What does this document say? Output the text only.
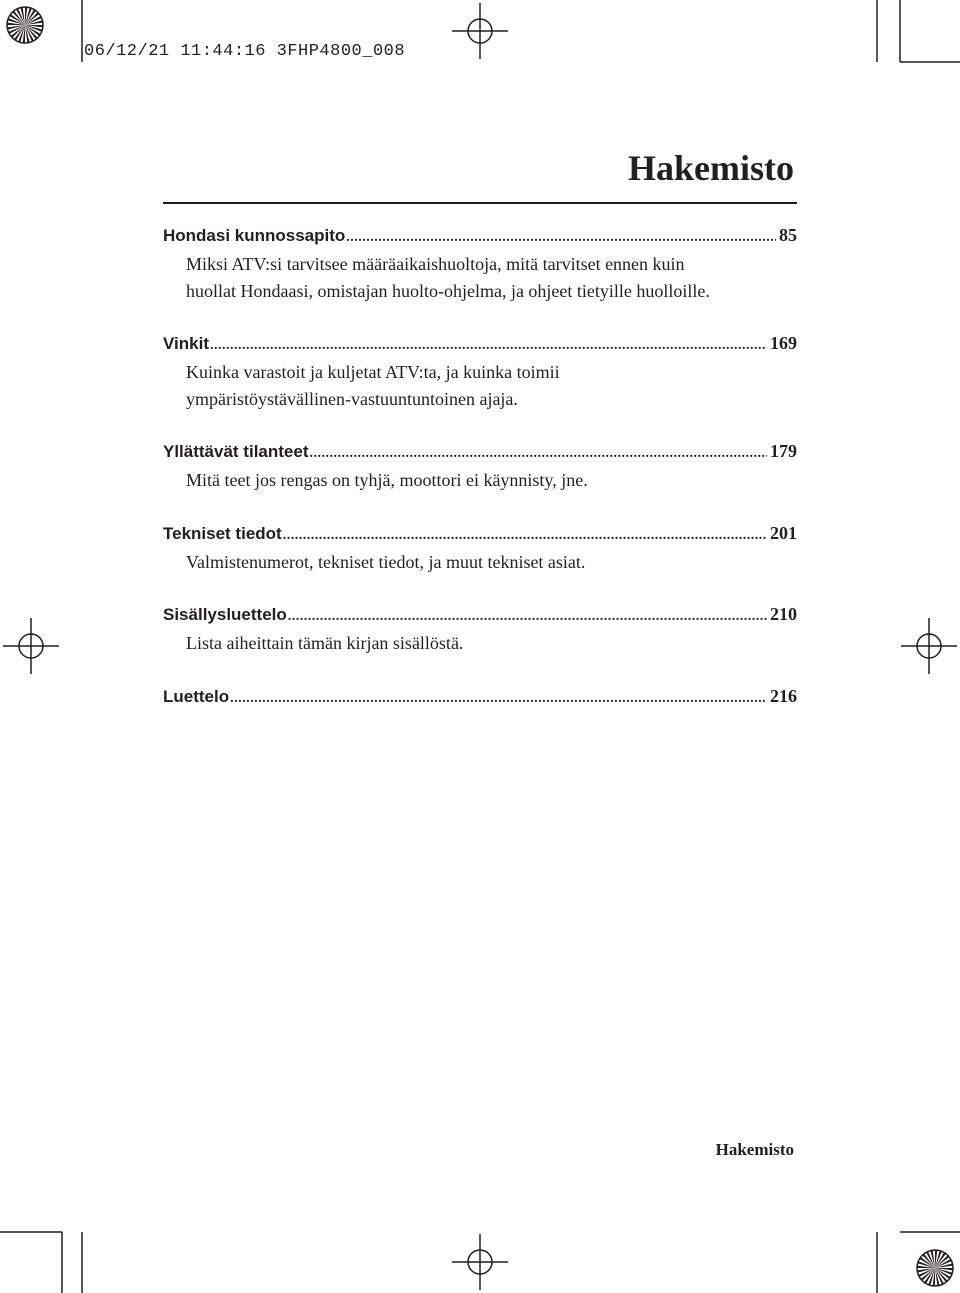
06/12/21 11:44:16 3FHP4800_008
Hakemisto
Hondasi kunnossapito .....	85
Miksi ATV:si tarvitsee määräaikaishuoltoja, mitä tarvitset ennen kuin
huollat Hondaasi, omistajan huolto-ohjelma, ja ohjeet tietyille huolloille.
Vinkit .....	169
Kuinka varastoit ja kuljetat ATV:ta, ja kuinka toimii
ympäristöystävällinen-vastuuntuntoinen ajaja.
Yllättävät tilanteet .....	179
Mitä teet jos rengas on tyhjä, moottori ei käynnisty, jne.
Tekniset tiedot .....	201
Valmistenumerot, tekniset tiedot, ja muut tekniset asiat.
Sisällysluettelo .....	210
Lista aiheittain tämän kirjan sisällöstä.
Luettelo .....	216
Hakemisto
